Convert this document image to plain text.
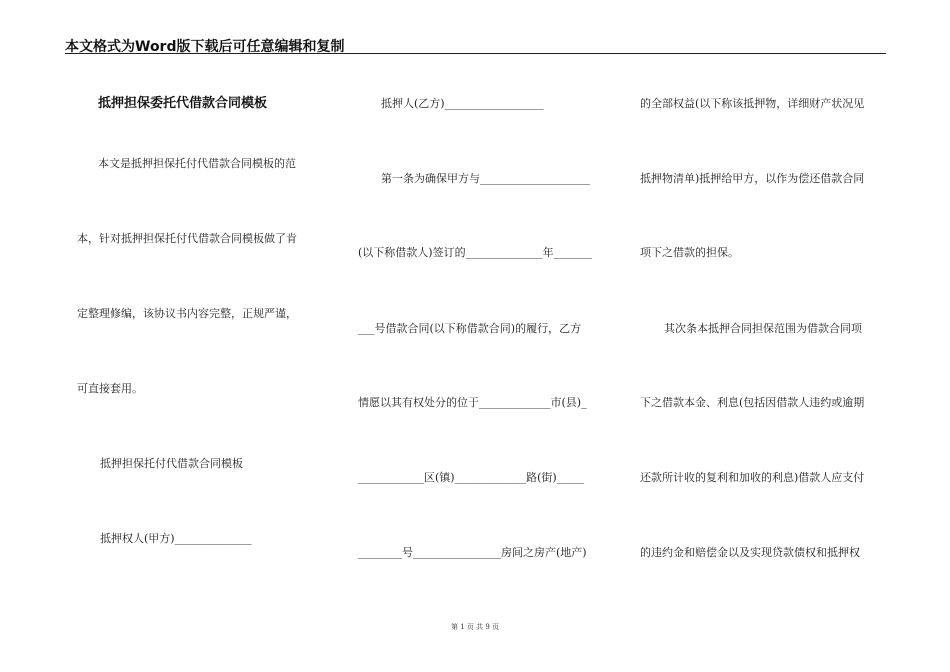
本文格式为Word版下载后可任意编辑和复制
抵押担保委托代借款合同模板
本文是抵押担保托付代借款合同模板的范
本，针对抵押担保托付代借款合同模板做了肯
定整理修编，该协议书内容完整，正规严谨，
可直接套用。
抵押担保托付代借款合同模板
抵押权人(甲方)______________
抵押人(乙方)__________________
第一条为确保甲方与____________________
(以下称借款人)签订的______________年_______
___号借款合同(以下称借款合同)的履行，乙方
情愿以其有权处分的位于_____________市(县)_
____________区(镇)_____________路(街)_____
________号________________房间之房产(地产)
的全部权益(以下称该抵押物，详细财产状况见
抵押物清单)抵押给甲方，以作为偿还借款合同
项下之借款的担保。
其次条本抵押合同担保范围为借款合同项
下之借款本金、利息(包括因借款人违约或逾期
还款所计收的复利和加收的利息)借款人应支付
的违约金和赔偿金以及实现贷款债权和抵押权
第 1 页 共 9 页
